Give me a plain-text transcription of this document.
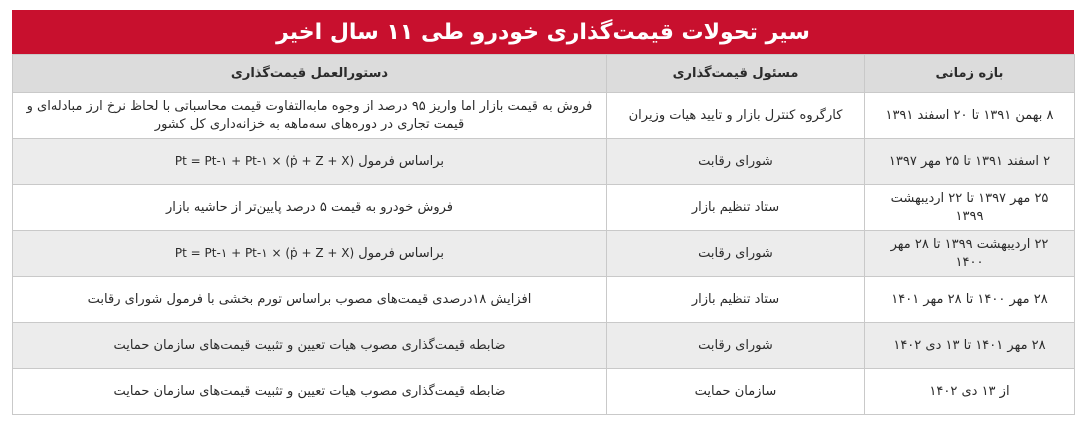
سیر تحولات قیمت‌گذاری خودرو طی ۱۱ سال اخیر
بازه زمانی	مسئول قیمت‌گذاری	دستورالعمل قیمت‌گذاری
۸ بهمن ۱۳۹۱ تا ۲۰ اسفند ۱۳۹۱	کارگروه کنترل بازار و تایید هیات وزیران	فروش به قیمت بازار اما واریز ۹۵ درصد از وجوه مابه‌التفاوت قیمت محاسباتی با لحاظ نرخ ارز مبادله‌ای و قیمت تجاری در دوره‌های سه‌ماهه به خزانه‌داری کل کشور
۲ اسفند ۱۳۹۱ تا ۲۵ مهر ۱۳۹۷	شورای رقابت	براساس فرمول Pt = Pt-۱ + Pt-۱ × (ṗ + Z + X)
۲۵ مهر ۱۳۹۷ تا ۲۲ اردیبهشت ۱۳۹۹	ستاد تنظیم بازار	فروش خودرو به قیمت ۵ درصد پایین‌تر از حاشیه بازار
۲۲ اردیبهشت ۱۳۹۹ تا ۲۸ مهر ۱۴۰۰	شورای رقابت	براساس فرمول Pt = Pt-۱ + Pt-۱ × (ṗ + Z + X)
۲۸ مهر ۱۴۰۰ تا ۲۸ مهر ۱۴۰۱	ستاد تنظیم بازار	افزایش ۱۸درصدی قیمت‌های مصوب براساس تورم بخشی با فرمول شورای رقابت
۲۸ مهر ۱۴۰۱ تا ۱۳ دی ۱۴۰۲	شورای رقابت	ضابطه قیمت‌گذاری مصوب هیات تعیین و تثبیت قیمت‌های سازمان حمایت
از ۱۳ دی ۱۴۰۲	سازمان حمایت	ضابطه قیمت‌گذاری مصوب هیات تعیین و تثبیت قیمت‌های سازمان حمایت
